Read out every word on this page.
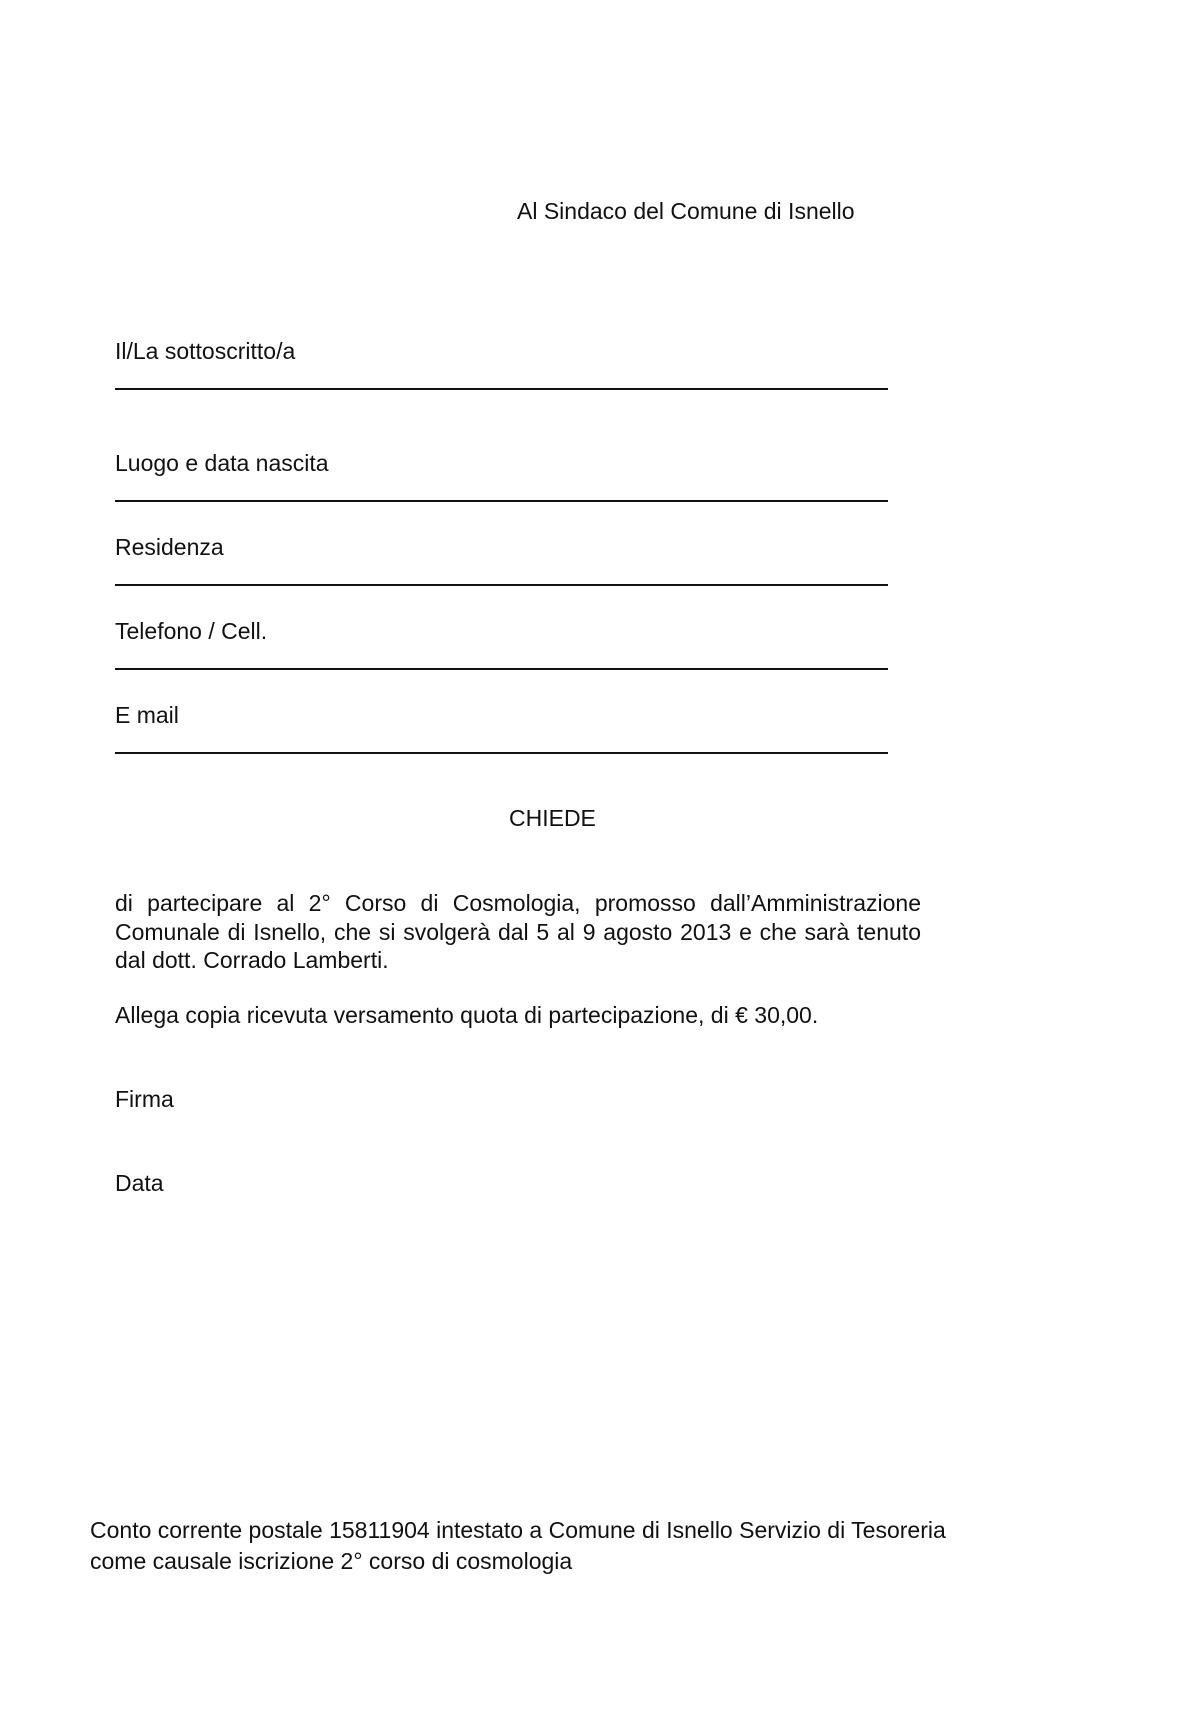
Al Sindaco del Comune di Isnello
Il/La sottoscritto/a
Luogo e data nascita
Residenza
Telefono / Cell.
E mail
CHIEDE
di partecipare al 2° Corso di Cosmologia, promosso dall’Amministrazione Comunale di Isnello, che si svolgerà dal 5 al 9 agosto 2013 e che sarà tenuto dal dott. Corrado Lamberti.
Allega copia ricevuta versamento quota di partecipazione, di € 30,00.
Firma
Data
Conto corrente postale 15811904 intestato a Comune di Isnello Servizio di Tesoreria
come causale iscrizione 2° corso di cosmologia
